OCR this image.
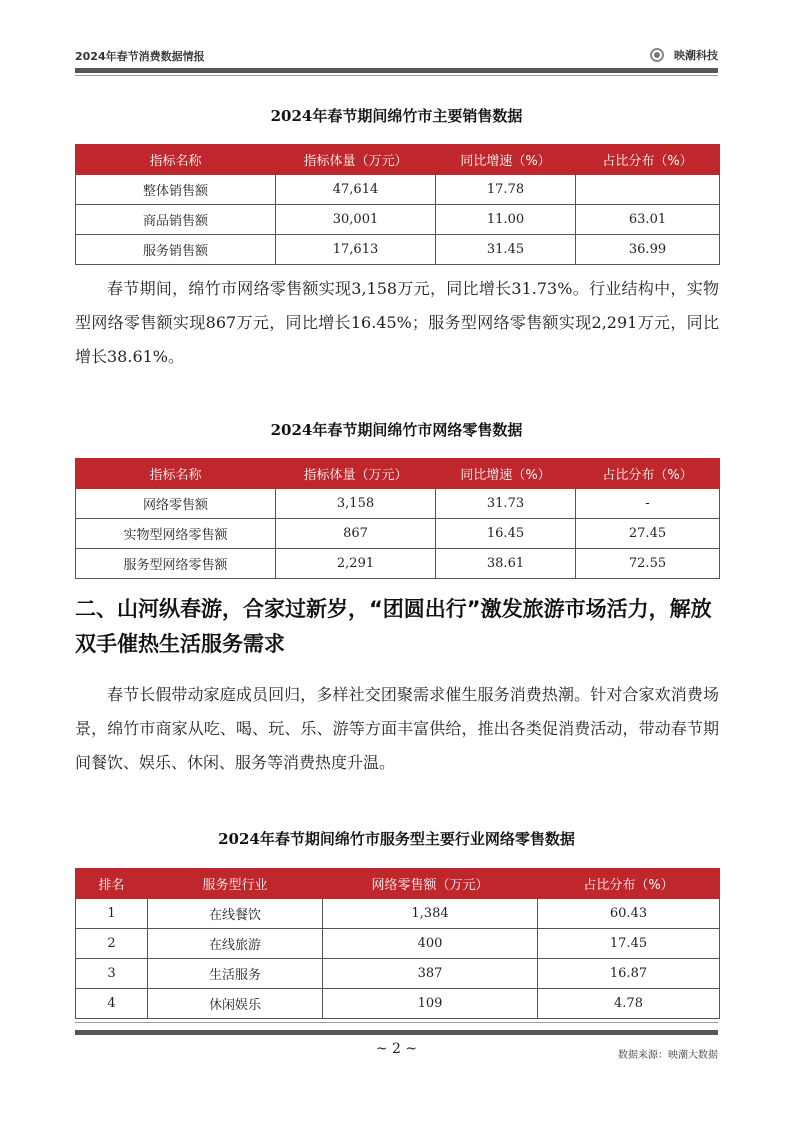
2024年春节消费数据情报	映潮科技
2024年春节期间绵竹市主要销售数据
指标名称	指标体量（万元）	同比增速（%）	占比分布（%）
整体销售额	47,614	17.78	
商品销售额	30,001	11.00	63.01
服务销售额	17,613	31.45	36.99
春节期间，绵竹市网络零售额实现3,158万元，同比增长31.73%。行业结构中，实物型网络零售额实现867万元，同比增长16.45%；服务型网络零售额实现2,291万元，同比增长38.61%。
2024年春节期间绵竹市网络零售数据
指标名称	指标体量（万元）	同比增速（%）	占比分布（%）
网络零售额	3,158	31.73	-
实物型网络零售额	867	16.45	27.45
服务型网络零售额	2,291	38.61	72.55
二、山河纵春游，合家过新岁，“团圆出行”激发旅游市场活力，解放双手催热生活服务需求
春节长假带动家庭成员回归，多样社交团聚需求催生服务消费热潮。针对合家欢消费场景，绵竹市商家从吃、喝、玩、乐、游等方面丰富供给，推出各类促消费活动，带动春节期间餐饮、娱乐、休闲、服务等消费热度升温。
2024年春节期间绵竹市服务型主要行业网络零售数据
排名	服务型行业	网络零售额（万元）	占比分布（%）
1	在线餐饮	1,384	60.43
2	在线旅游	400	17.45
3	生活服务	387	16.87
4	休闲娱乐	109	4.78
~ 2 ~	数据来源：映潮大数据
